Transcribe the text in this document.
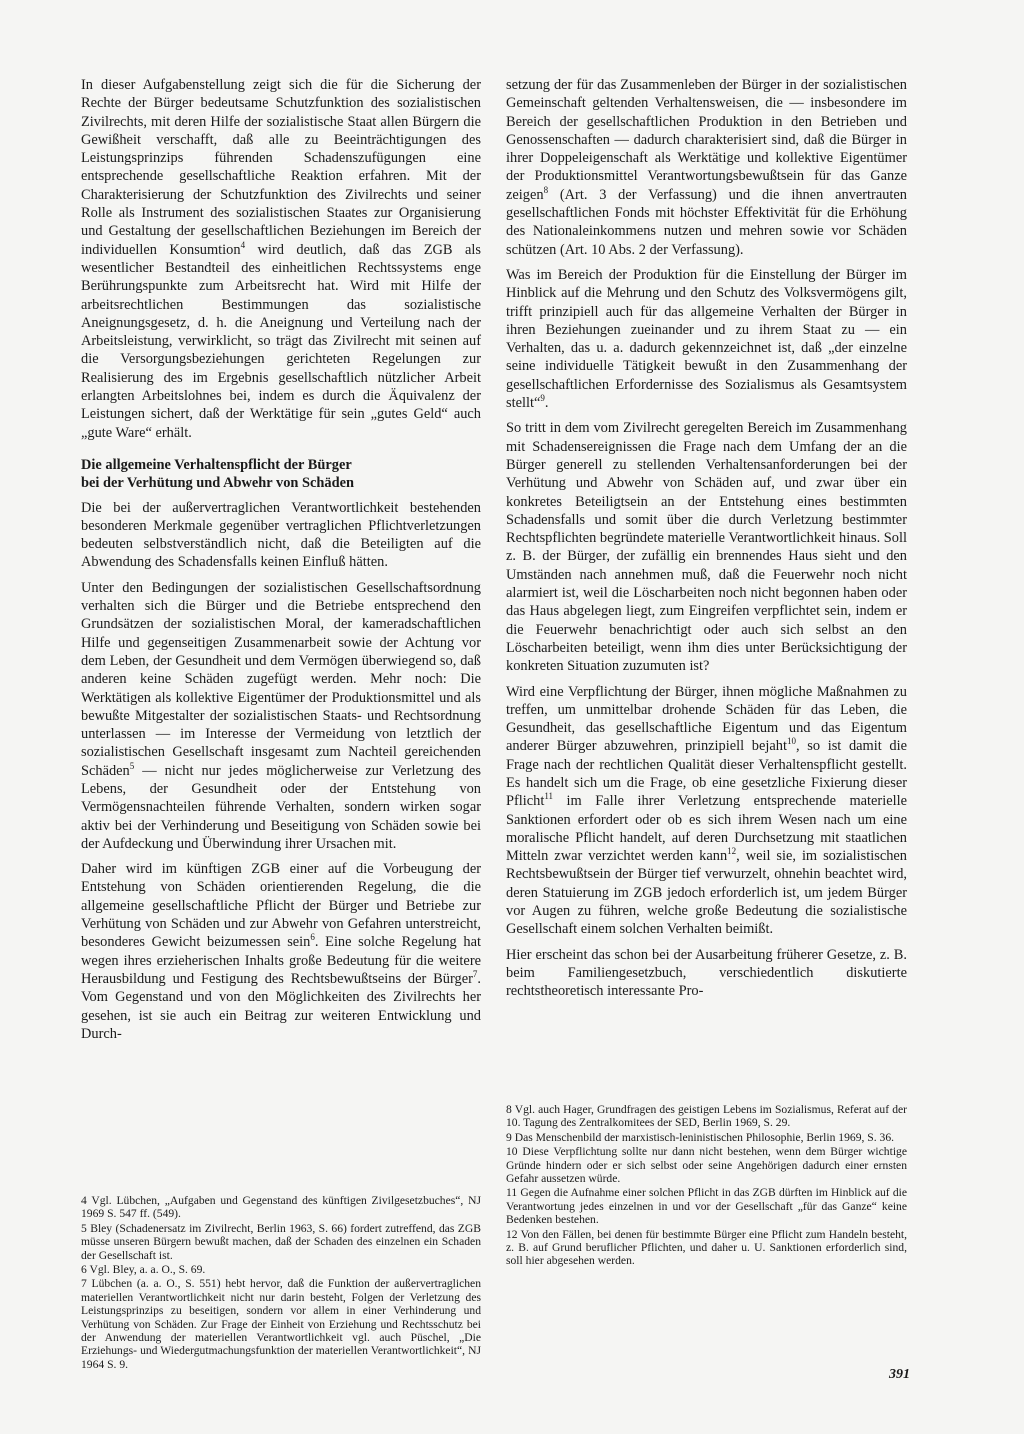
In dieser Aufgabenstellung zeigt sich die für die Sicherung der Rechte der Bürger bedeutsame Schutzfunktion des sozialistischen Zivilrechts, mit deren Hilfe der sozialistische Staat allen Bürgern die Gewißheit verschafft, daß alle zu Beeinträchtigungen des Leistungsprinzips führenden Schadenszufügungen eine entsprechende gesellschaftliche Reaktion erfahren. Mit der Charakterisierung der Schutzfunktion des Zivilrechts und seiner Rolle als Instrument des sozialistischen Staates zur Organisierung und Gestaltung der gesellschaftlichen Beziehungen im Bereich der individuellen Konsumtion$^4$ wird deutlich, daß das ZGB als wesentlicher Bestandteil des einheitlichen Rechtssystems enge Berührungspunkte zum Arbeitsrecht hat. Wird mit Hilfe der arbeitsrechtlichen Bestimmungen das sozialistische Aneignungsgesetz, d. h. die Aneignung und Verteilung nach der Arbeitsleistung, verwirklicht, so trägt das Zivilrecht mit seinen auf die Versorgungsbeziehungen gerichteten Regelungen zur Realisierung des im Ergebnis gesellschaftlich nützlicher Arbeit erlangten Arbeitslohnes bei, indem es durch die Äquivalenz der Leistungen sichert, daß der Werktätige für sein „gutes Geld“ auch „gute Ware“ erhält.

Die allgemeine Verhaltenspflicht der Bürger
bei der Verhütung und Abwehr von Schäden

Die bei der außervertraglichen Verantwortlichkeit bestehenden besonderen Merkmale gegenüber vertraglichen Pflichtverletzungen bedeuten selbstverständlich nicht, daß die Beteiligten auf die Abwendung des Schadensfalls keinen Einfluß hätten.

Unter den Bedingungen der sozialistischen Gesellschaftsordnung verhalten sich die Bürger und die Betriebe entsprechend den Grundsätzen der sozialistischen Moral, der kameradschaftlichen Hilfe und gegenseitigen Zusammenarbeit sowie der Achtung vor dem Leben, der Gesundheit und dem Vermögen überwiegend so, daß anderen keine Schäden zugefügt werden. Mehr noch: Die Werktätigen als kollektive Eigentümer der Produktionsmittel und als bewußte Mitgestalter der sozialistischen Staats- und Rechtsordnung unterlassen — im Interesse der Vermeidung von letztlich der sozialistischen Gesellschaft insgesamt zum Nachteil gereichenden Schäden$^5$ — nicht nur jedes möglicherweise zur Verletzung des Lebens, der Gesundheit oder der Entstehung von Vermögensnachteilen führende Verhalten, sondern wirken sogar aktiv bei der Verhinderung und Beseitigung von Schäden sowie bei der Aufdeckung und Überwindung ihrer Ursachen mit.

Daher wird im künftigen ZGB einer auf die Vorbeugung der Entstehung von Schäden orientierenden Regelung, die die allgemeine gesellschaftliche Pflicht der Bürger und Betriebe zur Verhütung von Schäden und zur Abwehr von Gefahren unterstreicht, besonderes Gewicht beizumessen sein$^6$. Eine solche Regelung hat wegen ihres erzieherischen Inhalts große Bedeutung für die weitere Herausbildung und Festigung des Rechtsbewußtseins der Bürger$^7$. Vom Gegenstand und von den Möglichkeiten des Zivilrechts her gesehen, ist sie auch ein Beitrag zur weiteren Entwicklung und Durch-

setzung der für das Zusammenleben der Bürger in der sozialistischen Gemeinschaft geltenden Verhaltensweisen, die — insbesondere im Bereich der gesellschaftlichen Produktion in den Betrieben und Genossenschaften — dadurch charakterisiert sind, daß die Bürger in ihrer Doppeleigenschaft als Werktätige und kollektive Eigentümer der Produktionsmittel Verantwortungsbewußtsein für das Ganze zeigen$^8$ (Art. 3 der Verfassung) und die ihnen anvertrauten gesellschaftlichen Fonds mit höchster Effektivität für die Erhöhung des Nationaleinkommens nutzen und mehren sowie vor Schäden schützen (Art. 10 Abs. 2 der Verfassung).

Was im Bereich der Produktion für die Einstellung der Bürger im Hinblick auf die Mehrung und den Schutz des Volksvermögens gilt, trifft prinzipiell auch für das allgemeine Verhalten der Bürger in ihren Beziehungen zueinander und zu ihrem Staat zu — ein Verhalten, das u. a. dadurch gekennzeichnet ist, daß „der einzelne seine individuelle Tätigkeit bewußt in den Zusammenhang der gesellschaftlichen Erfordernisse des Sozialismus als Gesamtsystem stellt“$^9$.

So tritt in dem vom Zivilrecht geregelten Bereich im Zusammenhang mit Schadensereignissen die Frage nach dem Umfang der an die Bürger generell zu stellenden Verhaltensanforderungen bei der Verhütung und Abwehr von Schäden auf, und zwar über ein konkretes Beteiligtsein an der Entstehung eines bestimmten Schadensfalls und somit über die durch Verletzung bestimmter Rechtspflichten begründete materielle Verantwortlichkeit hinaus. Soll z. B. der Bürger, der zufällig ein brennendes Haus sieht und den Umständen nach annehmen muß, daß die Feuerwehr noch nicht alarmiert ist, weil die Löscharbeiten noch nicht begonnen haben oder das Haus abgelegen liegt, zum Eingreifen verpflichtet sein, indem er die Feuerwehr benachrichtigt oder auch sich selbst an den Löscharbeiten beteiligt, wenn ihm dies unter Berücksichtigung der konkreten Situation zuzumuten ist?

Wird eine Verpflichtung der Bürger, ihnen mögliche Maßnahmen zu treffen, um unmittelbar drohende Schäden für das Leben, die Gesundheit, das gesellschaftliche Eigentum und das Eigentum anderer Bürger abzuwehren, prinzipiell bejaht$^{10}$, so ist damit die Frage nach der rechtlichen Qualität dieser Verhaltenspflicht gestellt. Es handelt sich um die Frage, ob eine gesetzliche Fixierung dieser Pflicht$^{11}$ im Falle ihrer Verletzung entsprechende materielle Sanktionen erfordert oder ob es sich ihrem Wesen nach um eine moralische Pflicht handelt, auf deren Durchsetzung mit staatlichen Mitteln zwar verzichtet werden kann$^{12}$, weil sie, im sozialistischen Rechtsbewußtsein der Bürger tief verwurzelt, ohnehin beachtet wird, deren Statuierung im ZGB jedoch erforderlich ist, um jedem Bürger vor Augen zu führen, welche große Bedeutung die sozialistische Gesellschaft einem solchen Verhalten beimißt.

Hier erscheint das schon bei der Ausarbeitung früherer Gesetze, z. B. beim Familiengesetzbuch, verschiedentlich diskutierte rechtstheoretisch interessante Pro-

4 Vgl. Lübchen, „Aufgaben und Gegenstand des künftigen Zivilgesetzbuches“, NJ 1969 S. 547 ff. (549).

5 Bley (Schadenersatz im Zivilrecht, Berlin 1963, S. 66) fordert zutreffend, das ZGB müsse unseren Bürgern bewußt machen, daß der Schaden des einzelnen ein Schaden der Gesellschaft ist.

6 Vgl. Bley, a. a. O., S. 69.

7 Lübchen (a. a. O., S. 551) hebt hervor, daß die Funktion der außervertraglichen materiellen Verantwortlichkeit nicht nur darin besteht, Folgen der Verletzung des Leistungsprinzips zu beseitigen, sondern vor allem in einer Verhinderung und Verhütung von Schäden. Zur Frage der Einheit von Erziehung und Rechtsschutz bei der Anwendung der materiellen Verantwortlichkeit vgl. auch Püschel, „Die Erziehungs- und Wiedergutmachungsfunktion der materiellen Verantwortlichkeit“, NJ 1964 S. 9.

8 Vgl. auch Hager, Grundfragen des geistigen Lebens im Sozialismus, Referat auf der 10. Tagung des Zentralkomitees der SED, Berlin 1969, S. 29.

9 Das Menschenbild der marxistisch-leninistischen Philosophie, Berlin 1969, S. 36.

10 Diese Verpflichtung sollte nur dann nicht bestehen, wenn dem Bürger wichtige Gründe hindern oder er sich selbst oder seine Angehörigen dadurch einer ernsten Gefahr aussetzen würde.

11 Gegen die Aufnahme einer solchen Pflicht in das ZGB dürften im Hinblick auf die Verantwortung jedes einzelnen in und vor der Gesellschaft „für das Ganze“ keine Bedenken bestehen.

12 Von den Fällen, bei denen für bestimmte Bürger eine Pflicht zum Handeln besteht, z. B. auf Grund beruflicher Pflichten, und daher u. U. Sanktionen erforderlich sind, soll hier abgesehen werden.

391
